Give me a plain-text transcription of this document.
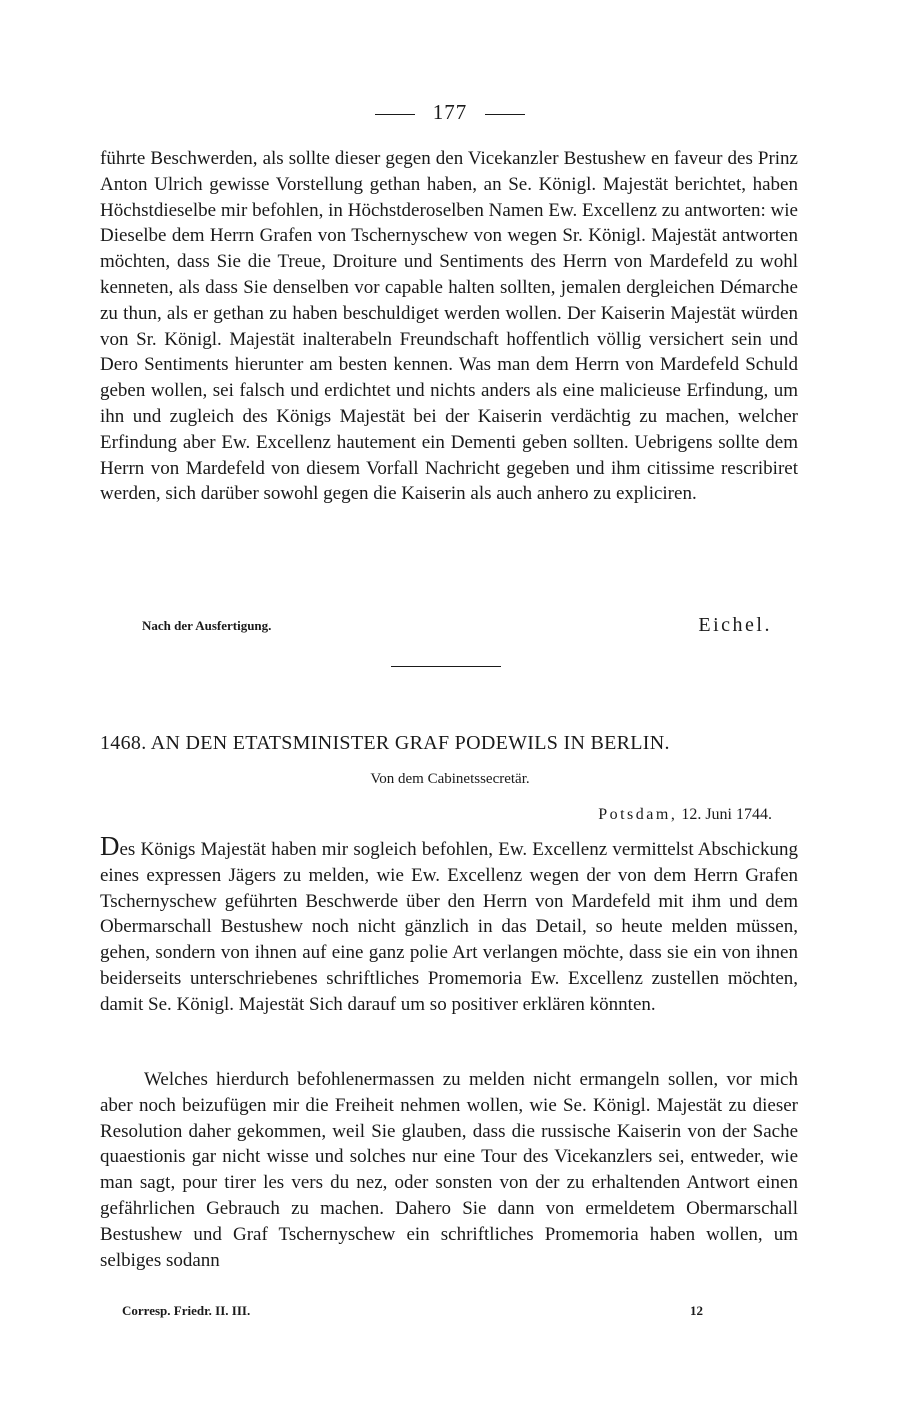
177
führte Beschwerden, als sollte dieser gegen den Vicekanzler Bestushew en faveur des Prinz Anton Ulrich gewisse Vorstellung gethan haben, an Se. Königl. Majestät berichtet, haben Höchstdieselbe mir befohlen, in Höchstderoselben Namen Ew. Excellenz zu antworten: wie Dieselbe dem Herrn Grafen von Tschernyschew von wegen Sr. Königl. Majestät antworten möchten, dass Sie die Treue, Droiture und Sentiments des Herrn von Mardefeld zu wohl kenneten, als dass Sie denselben vor capable halten sollten, jemalen dergleichen Démarche zu thun, als er gethan zu haben beschuldiget werden wollen. Der Kaiserin Majestät würden von Sr. Königl. Majestät inalterabeln Freundschaft hoffentlich völlig versichert sein und Dero Sentiments hierunter am besten kennen. Was man dem Herrn von Mardefeld Schuld geben wollen, sei falsch und erdichtet und nichts anders als eine malicieuse Erfindung, um ihn und zugleich des Königs Majestät bei der Kaiserin verdächtig zu machen, welcher Erfindung aber Ew. Excellenz hautement ein Dementi geben sollten. Uebrigens sollte dem Herrn von Mardefeld von diesem Vorfall Nachricht gegeben und ihm citissime rescribiret werden, sich darüber sowohl gegen die Kaiserin als auch anhero zu expliciren.
Nach der Ausfertigung.	Eichel.
1468. AN DEN ETATSMINISTER GRAF PODEWILS IN BERLIN.
Von dem Cabinetssecretär.
Potsdam, 12. Juni 1744.
Des Königs Majestät haben mir sogleich befohlen, Ew. Excellenz vermittelst Abschickung eines expressen Jägers zu melden, wie Ew. Excellenz wegen der von dem Herrn Grafen Tschernyschew geführten Beschwerde über den Herrn von Mardefeld mit ihm und dem Obermarschall Bestushew noch nicht gänzlich in das Detail, so heute melden müssen, gehen, sondern von ihnen auf eine ganz polie Art verlangen möchte, dass sie ein von ihnen beiderseits unterschriebenes schriftliches Promemoria Ew. Excellenz zustellen möchten, damit Se. Königl. Majestät Sich darauf um so positiver erklären könnten.
Welches hierdurch befohlenermassen zu melden nicht ermangeln sollen, vor mich aber noch beizufügen mir die Freiheit nehmen wollen, wie Se. Königl. Majestät zu dieser Resolution daher gekommen, weil Sie glauben, dass die russische Kaiserin von der Sache quaestionis gar nicht wisse und solches nur eine Tour des Vicekanzlers sei, entweder, wie man sagt, pour tirer les vers du nez, oder sonsten von der zu erhaltenden Antwort einen gefährlichen Gebrauch zu machen. Dahero Sie dann von ermeldetem Obermarschall Bestushew und Graf Tschernyschew ein schriftliches Promemoria haben wollen, um selbiges sodann
Corresp. Friedr. II. III.	12
